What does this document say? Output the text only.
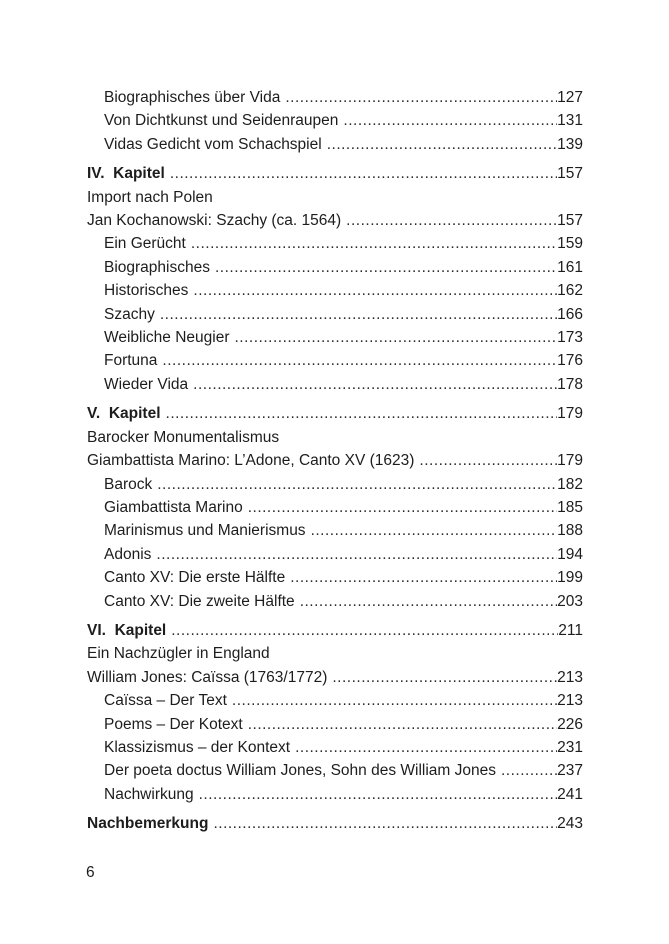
Biographisches über Vida .....	127
Von Dichtkunst und Seidenraupen .....	131
Vidas Gedicht vom Schachspiel .....	139
IV.  Kapitel .....	157
Import nach Polen
Jan Kochanowski: Szachy (ca. 1564) .....	157
Ein Gerücht .....	159
Biographisches .....	161
Historisches .....	162
Szachy .....	166
Weibliche Neugier .....	173
Fortuna .....	176
Wieder Vida .....	178
V.  Kapitel .....	179
Barocker Monumentalismus
Giambattista Marino: L’Adone, Canto XV (1623) .....	179
Barock .....	182
Giambattista Marino .....	185
Marinismus und Manierismus .....	188
Adonis .....	194
Canto XV: Die erste Hälfte .....	199
Canto XV: Die zweite Hälfte .....	203
VI.  Kapitel .....	211
Ein Nachzügler in England
William Jones: Caïssa (1763/1772) .....	213
Caïssa – Der Text .....	213
Poems – Der Kotext .....	226
Klassizismus – der Kontext .....	231
Der poeta doctus William Jones, Sohn des William Jones .....	237
Nachwirkung .....	241
Nachbemerkung .....	243
6
